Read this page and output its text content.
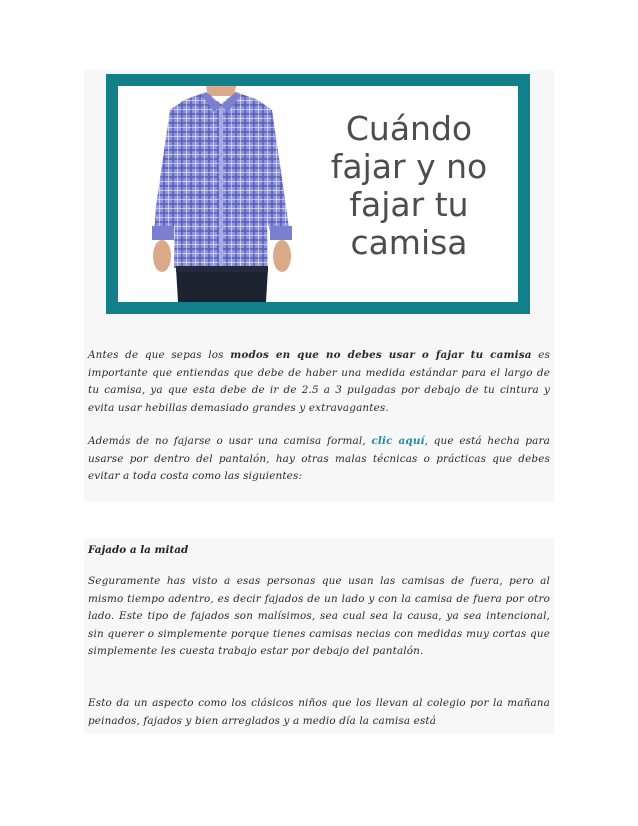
Cuándo
fajar y no
fajar tu
camisa

Antes de que sepas los modos en que no debes usar o fajar tu camisa es importante que entiendas que debe de haber una medida estándar para el largo de tu camisa, ya que esta debe de ir de 2.5 a 3 pulgadas por debajo de tu cintura y evita usar hebillas demasiado grandes y extravagantes.

Además de no fajarse o usar una camisa formal, clic aquí, que está hecha para usarse por dentro del pantalón, hay otras malas técnicas o prácticas que debes evitar a toda costa como las siguientes:

Fajado a la mitad

Seguramente has visto a esas personas que usan las camisas de fuera, pero al mismo tiempo adentro, es decir fajados de un lado y con la camisa de fuera por otro lado. Este tipo de fajados son malísimos, sea cual sea la causa, ya sea intencional, sin querer o simplemente porque tienes camisas necias con medidas muy cortas que simplemente les cuesta trabajo estar por debajo del pantalón.

Esto da un aspecto como los clásicos niños que los llevan al colegio por la mañana peinados, fajados y bien arreglados y a medio día la camisa está
